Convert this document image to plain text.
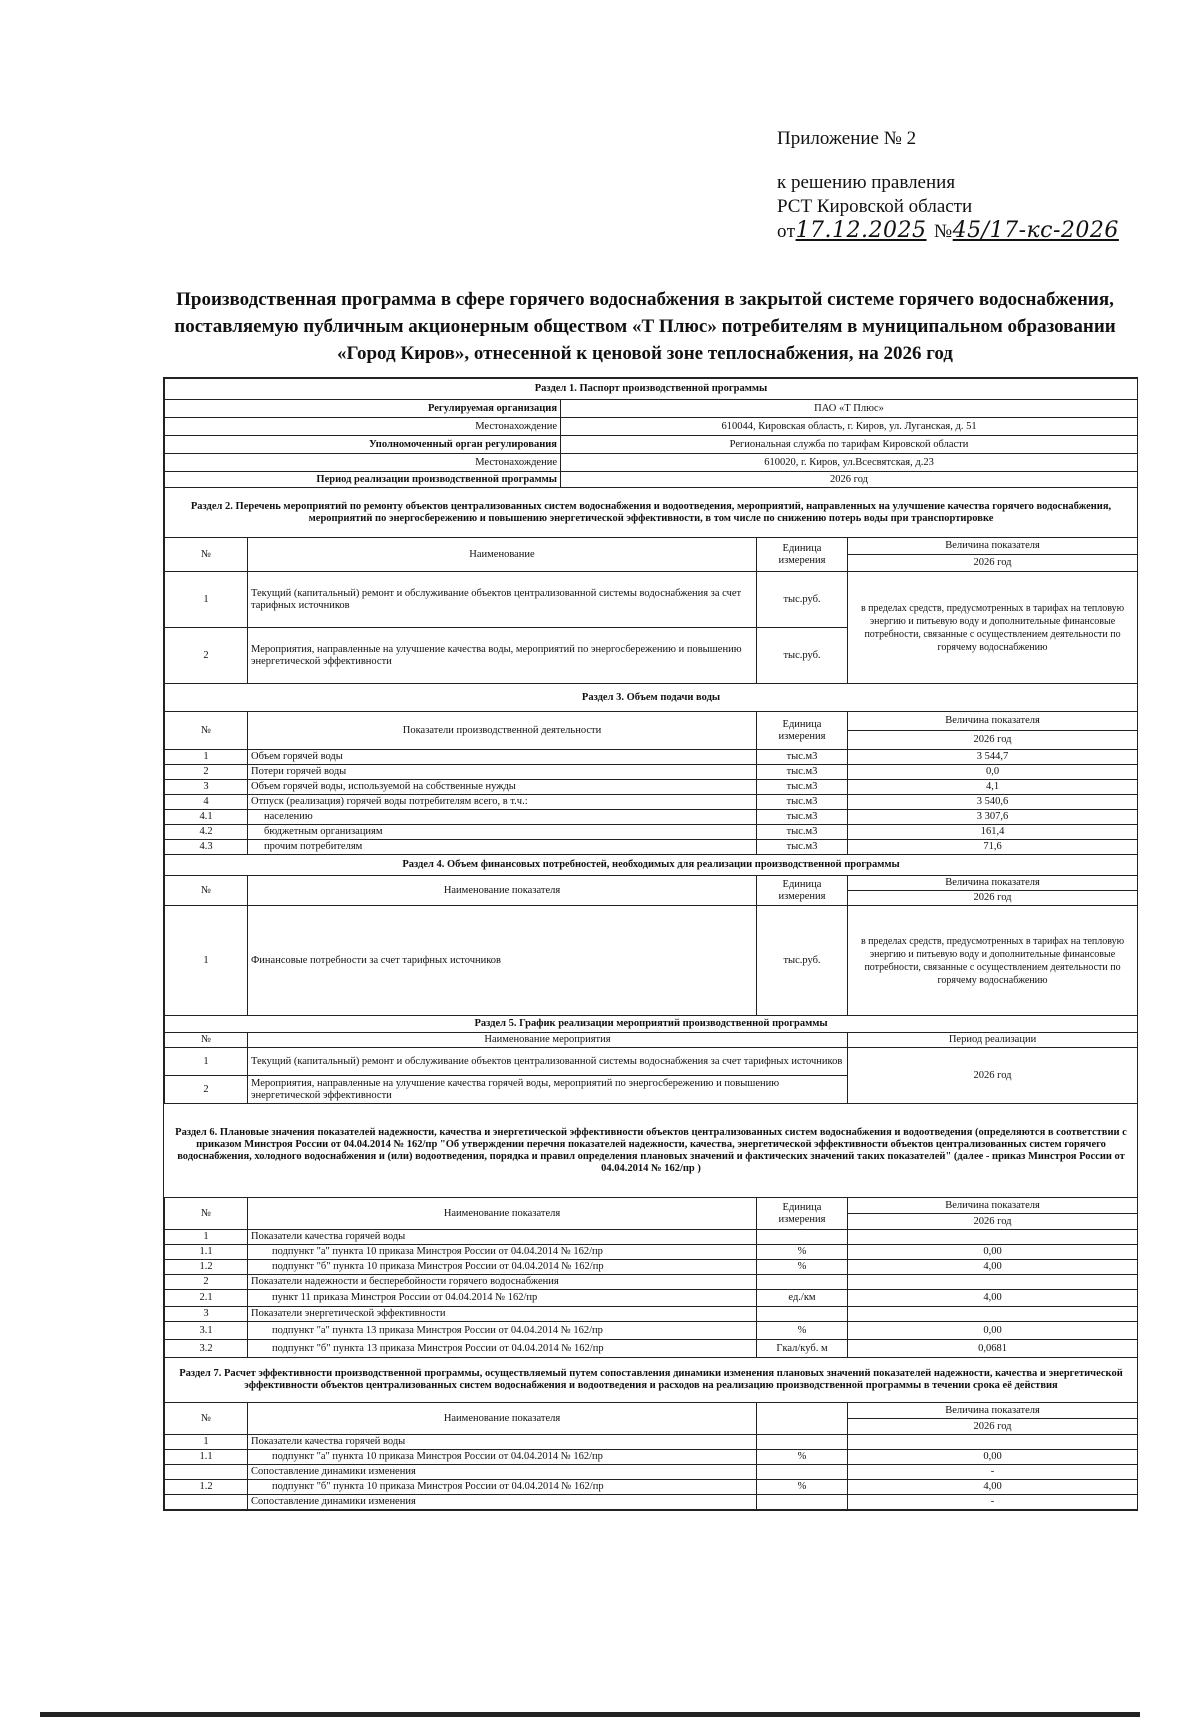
Приложение № 2
к решению правления
РСТ Кировской области
от17.12.2025 №45/17-кс-2026
Производственная программа в сфере горячего водоснабжения в закрытой системе горячего водоснабжения, поставляемую публичным акционерным обществом «Т Плюс» потребителям в муниципальном образовании «Город Киров», отнесенной к ценовой зоне теплоснабжения, на 2026 год
Раздел 1. Паспорт производственной программы				
Регулируемая организация		ПАО «Т Плюс»		
Местонахождение		610044, Кировская область, г. Киров, ул. Луганская, д. 51		
Уполномоченный орган регулирования		Региональная служба по тарифам Кировской области		
Местонахождение		610020, г. Киров, ул.Всесвятская, д.23		
Период реализации производственной программы		2026 год		
Раздел 2. Перечень мероприятий по ремонту объектов централизованных систем водоснабжения и водоотведения, мероприятий, направленных на улучшение качества горячего водоснабжения, мероприятий по энергосбережению и повышению энергетической эффективности, в том числе по снижению потерь воды при транспортировке				
№	Наименование		Единица измерения	Величина показателя
				2026 год
1	Текущий (капитальный) ремонт и обслуживание объектов централизованной системы водоснабжения за счет тарифных источников		тыс.руб.	в пределах средств, предусмотренных в тарифах на тепловую энергию и питьевую воду и дополнительные финансовые потребности, связанные с осуществлением деятельности по горячему водоснабжению
2	Мероприятия, направленные на улучшение качества воды, мероприятий по энергосбережению и повышению энергетической эффективности		тыс.руб.	
Раздел 3. Объем подачи воды				
№	Показатели производственной деятельности		Единица измерения	Величина показателя
				2026 год
1	Объем горячей воды		тыс.м3	3 544,7
2	Потери горячей воды		тыс.м3	0,0
3	Объем горячей воды, используемой на собственные нужды		тыс.м3	4,1
4	Отпуск (реализация) горячей воды потребителям всего, в т.ч.:		тыс.м3	3 540,6
4.1	населению		тыс.м3	3 307,6
4.2	бюджетным организациям		тыс.м3	161,4
4.3	прочим потребителям		тыс.м3	71,6
Раздел 4. Объем финансовых потребностей, необходимых для реализации производственной программы				
№	Наименование показателя		Единица измерения	Величина показателя
				2026 год
1	Финансовые потребности за счет тарифных источников		тыс.руб.	в пределах средств, предусмотренных в тарифах на тепловую энергию и питьевую воду и дополнительные финансовые потребности, связанные с осуществлением деятельности по горячему водоснабжению
Раздел 5. График реализации мероприятий производственной программы				
№	Наименование мероприятия			Период реализации
1	Текущий (капитальный) ремонт и обслуживание объектов централизованной системы водоснабжения за счет тарифных источников			2026 год
2	Мероприятия, направленные на улучшение качества горячей воды, мероприятий по энергосбережению и повышению энергетической эффективности			
Раздел 6. Плановые значения показателей надежности, качества и энергетической эффективности объектов централизованных систем водоснабжения и водоотведения (определяются в соответствии с приказом Минстроя России от 04.04.2014 № 162/пр "Об утверждении перечня показателей надежности, качества, энергетической эффективности объектов централизованных систем горячего водоснабжения, холодного водоснабжения и (или) водоотведения, порядка и правил определения плановых значений и фактических значений таких показателей" (далее - приказ Минстроя России от 04.04.2014 № 162/пр )				
№	Наименование показателя		Единица измерения	Величина показателя
				2026 год
1	Показатели качества горячей воды			
1.1	подпункт "а" пункта 10 приказа Минстроя России от 04.04.2014 № 162/пр		%	0,00
1.2	подпункт "б" пункта 10 приказа Минстроя России от 04.04.2014 № 162/пр		%	4,00
2	Показатели надежности и бесперебойности горячего водоснабжения			
2.1	пункт 11 приказа Минстроя России от 04.04.2014 № 162/пр		ед./км	4,00
3	Показатели энергетической эффективности			
3.1	подпункт "а" пункта 13 приказа Минстроя России от 04.04.2014 № 162/пр		%	0,00
3.2	подпункт "б" пункта 13 приказа Минстроя России от 04.04.2014 № 162/пр		Гкал/куб. м	0,0681
Раздел 7. Расчет эффективности производственной программы, осуществляемый путем сопоставления динамики изменения плановых значений показателей надежности, качества и энергетической эффективности объектов централизованных систем водоснабжения и водоотведения и расходов на реализацию производственной программы в течении срока её действия				
№	Наименование показателя			Величина показателя
				2026 год
1	Показатели качества горячей воды			
1.1	подпункт "а" пункта 10 приказа Минстроя России от 04.04.2014 № 162/пр		%	0,00
	Сопоставление динамики изменения			-
1.2	подпункт "б" пункта 10 приказа Минстроя России от 04.04.2014 № 162/пр		%	4,00
	Сопоставление динамики изменения			-
